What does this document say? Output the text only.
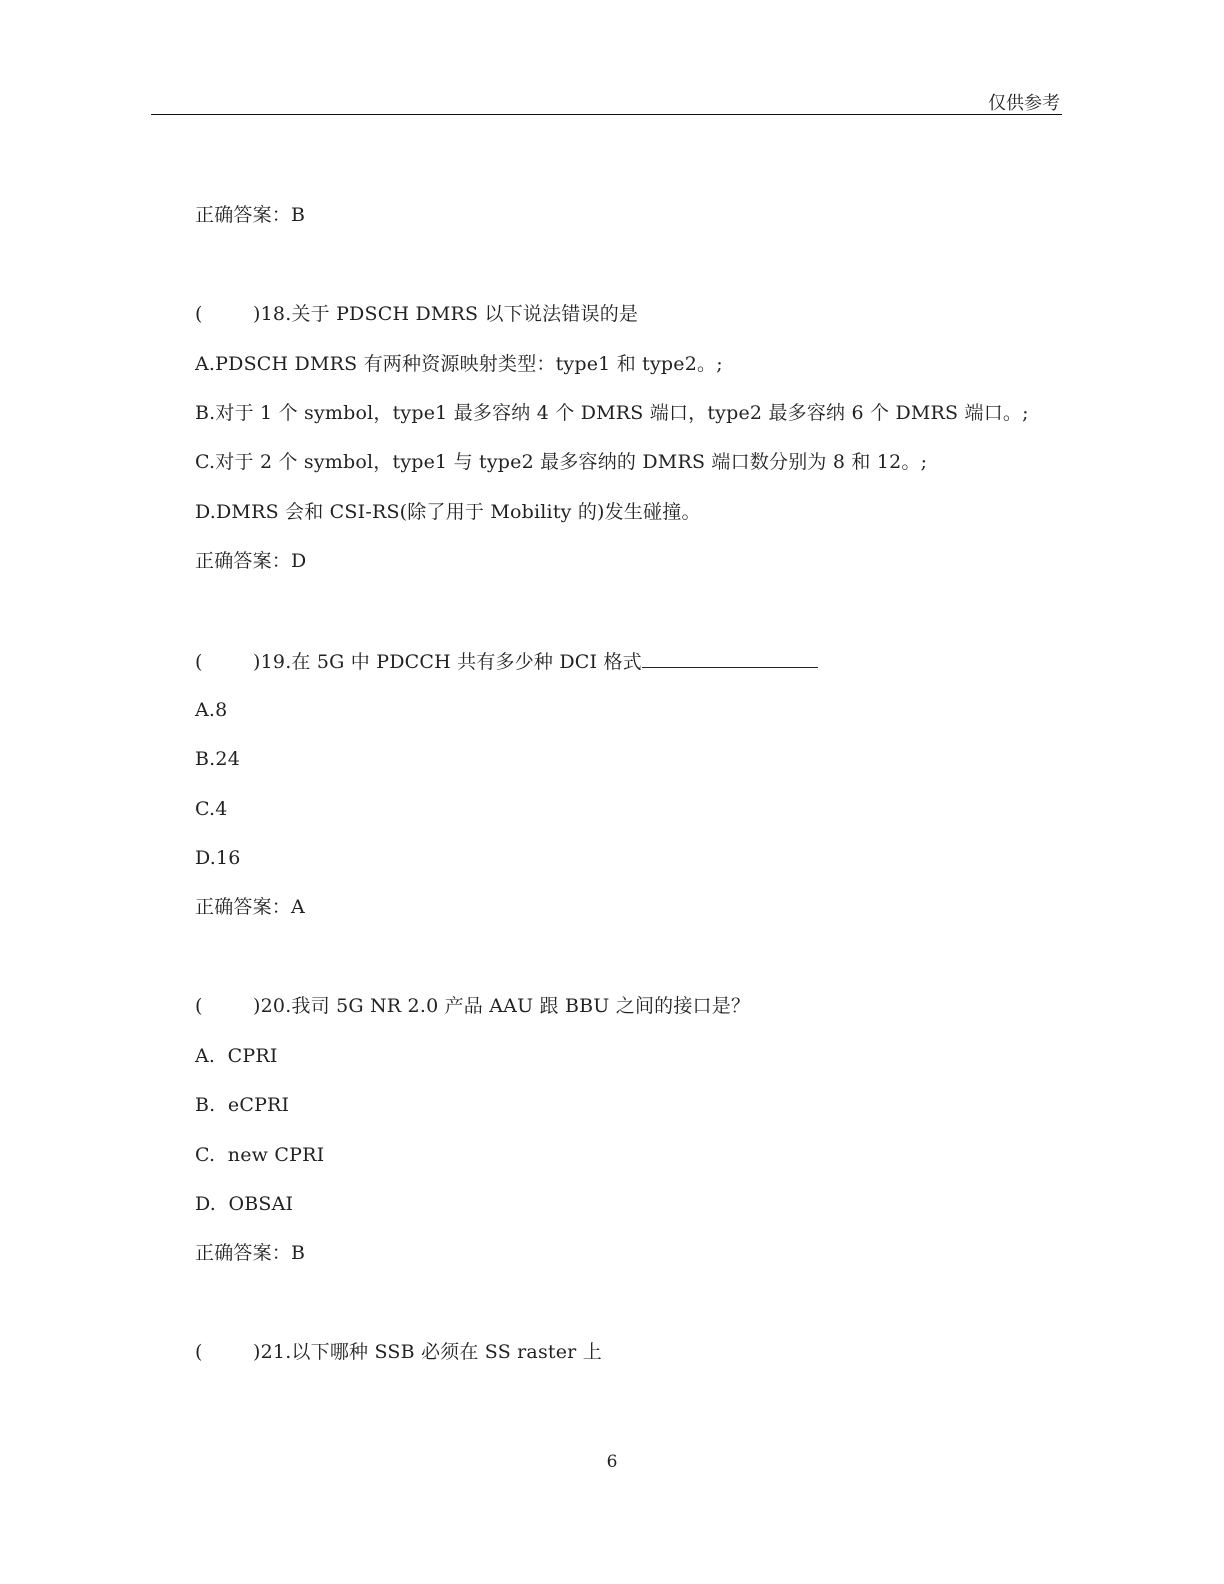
仅供参考
正确答案：B
(	)18.关于 PDSCH DMRS 以下说法错误的是
A.PDSCH DMRS 有两种资源映射类型：type1 和 type2。;
B.对于 1 个 symbol，type1 最多容纳 4 个 DMRS 端口，type2 最多容纳 6 个 DMRS 端口。;
C.对于 2 个 symbol，type1 与 type2 最多容纳的 DMRS 端口数分别为 8 和 12。;
D.DMRS 会和 CSI-RS(除了用于 Mobility 的)发生碰撞。
正确答案：D
(	)19.在 5G 中 PDCCH 共有多少种 DCI 格式
A.8
B.24
C.4
D.16
正确答案：A
(	)20.我司 5G NR 2.0 产品 AAU 跟 BBU 之间的接口是？
A.  CPRI
B.  eCPRI
C.  new CPRI
D.  OBSAI
正确答案：B
(	)21.以下哪种 SSB 必须在 SS raster 上
6
